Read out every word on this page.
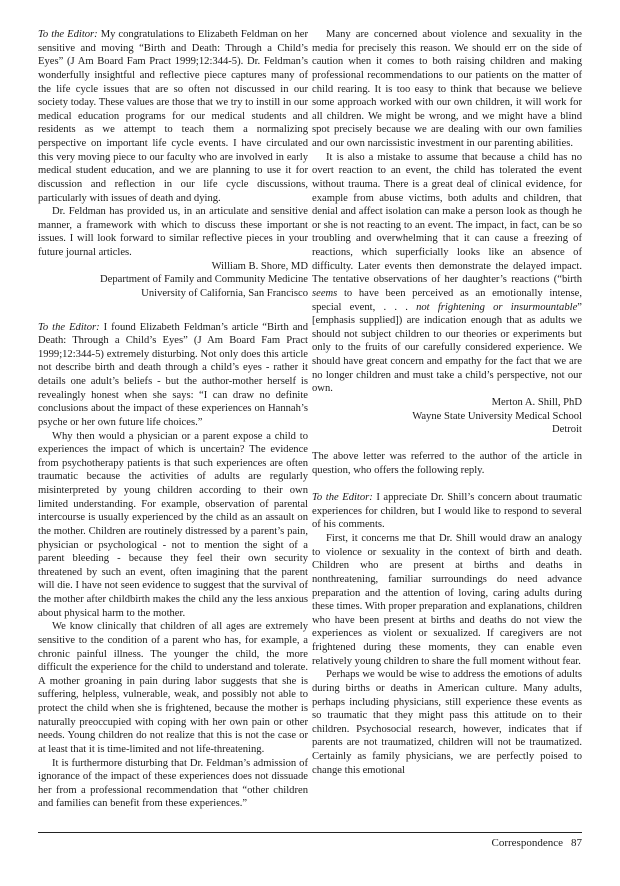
To the Editor: My congratulations to Elizabeth Feldman on her sensitive and moving “Birth and Death: Through a Child’s Eyes” (J Am Board Fam Pract 1999;12:344-5). Dr. Feldman’s wonderfully insightful and reflective piece captures many of the life cycle issues that are so often not discussed in our society today. These values are those that we try to instill in our medical education programs for our medical students and residents as we attempt to teach them a normalizing perspective on important life cycle events. I have circulated this very moving piece to our faculty who are involved in early medical student education, and we are planning to use it for discussion and reflection in our life cycle discussions, particularly with issues of death and dying.

Dr. Feldman has provided us, in an articulate and sensitive manner, a framework with which to discuss these important issues. I will look forward to similar reflective pieces in your future journal articles.

William B. Shore, MD

Department of Family and Community Medicine

University of California, San Francisco

To the Editor: I found Elizabeth Feldman’s article “Birth and Death: Through a Child’s Eyes” (J Am Board Fam Pract 1999;12:344-5) extremely disturbing. Not only does this article not describe birth and death through a child’s eyes - rather it details one adult’s beliefs - but the author-mother herself is revealingly honest when she says: “I can draw no definite conclusions about the impact of these experiences on Hannah’s psyche or her own future life choices.”

Why then would a physician or a parent expose a child to experiences the impact of which is uncertain? The evidence from psychotherapy patients is that such experiences are often traumatic because the activities of adults are regularly misinterpreted by young children according to their own limited understanding. For example, observation of parental intercourse is usually experienced by the child as an assault on the mother. Children are routinely distressed by a parent’s pain, physician or psychological - not to mention the sight of a parent bleeding - because they feel their own security threatened by such an event, often imagining that the parent will die. I have not seen evidence to suggest that the survival of the mother after childbirth makes the child any the less anxious about physical harm to the mother.

We know clinically that children of all ages are extremely sensitive to the condition of a parent who has, for example, a chronic painful illness. The younger the child, the more difficult the experience for the child to understand and tolerate. A mother groaning in pain during labor suggests that she is suffering, helpless, vulnerable, weak, and possibly not able to protect the child when she is frightened, because the mother is naturally preoccupied with coping with her own pain or other needs. Young children do not realize that this is not the case or at least that it is time-limited and not life-threatening.

It is furthermore disturbing that Dr. Feldman’s admission of ignorance of the impact of these experiences does not dissuade her from a professional recommendation that “other children and families can benefit from these experiences.”

Many are concerned about violence and sexuality in the media for precisely this reason. We should err on the side of caution when it comes to both raising children and making professional recommendations to our patients on the matter of child rearing. It is too easy to think that because we believe some approach worked with our own children, it will work for all children. We might be wrong, and we might have a blind spot precisely because we are dealing with our own families and our own narcissistic investment in our parenting abilities.

It is also a mistake to assume that because a child has no overt reaction to an event, the child has tolerated the event without trauma. There is a great deal of clinical evidence, for example from abuse victims, both adults and children, that denial and affect isolation can make a person look as though he or she is not reacting to an event. The impact, in fact, can be so troubling and overwhelming that it can cause a freezing of reactions, which superficially looks like an absence of difficulty. Later events then demonstrate the delayed impact. The tentative observations of her daughter’s reactions (“birth seems to have been perceived as an emotionally intense, special event, . . . not frightening or insurmountable” [emphasis supplied]) are indication enough that as adults we should not subject children to our theories or experiments but only to the fruits of our carefully considered experience. We should have great concern and empathy for the fact that we are no longer children and must take a child’s perspective, not our own.

Merton A. Shill, PhD

Wayne State University Medical School

Detroit

The above letter was referred to the author of the article in question, who offers the following reply.

To the Editor: I appreciate Dr. Shill’s concern about traumatic experiences for children, but I would like to respond to several of his comments.

First, it concerns me that Dr. Shill would draw an analogy to violence or sexuality in the context of birth and death. Children who are present at births and deaths in nonthreatening, familiar surroundings do need advance preparation and the attention of loving, caring adults during these times. With proper preparation and explanations, children who have been present at births and deaths do not view the experiences as violent or sexualized. If caregivers are not frightened during these moments, they can enable even relatively young children to share the full moment without fear.

Perhaps we would be wise to address the emotions of adults during births or deaths in American culture. Many adults, perhaps including physicians, still experience these events as so traumatic that they might pass this attitude on to their children. Psychosocial research, however, indicates that if parents are not traumatized, children will not be traumatized. Certainly as family physicians, we are perfectly poised to change this emotional

Correspondence 87
